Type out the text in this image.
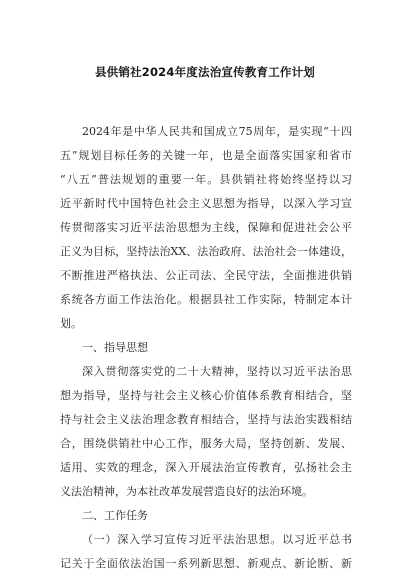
县供销社2024年度法治宣传教育工作计划
2024年是中华人民共和国成立75周年，是实现“十四
五”规划目标任务的关键一年，也是全面落实国家和省市
“八五”普法规划的重要一年。县供销社将始终坚持以习
近平新时代中国特色社会主义思想为指导，以深入学习宣
传贯彻落实习近平法治思想为主线，保障和促进社会公平
正义为目标，坚持法治XX、法治政府、法治社会一体建设，
不断推进严格执法、公正司法、全民守法，全面推进供销
系统各方面工作法治化。根据县社工作实际，特制定本计
划。
一、指导思想
深入贯彻落实党的二十大精神，坚持以习近平法治思
想为指导，坚持与社会主义核心价值体系教育相结合，坚
持与社会主义法治理念教育相结合，坚持与法治实践相结
合，围绕供销社中心工作，服务大局，坚持创新、发展、
适用、实效的理念，深入开展法治宣传教育，弘扬社会主
义法治精神，为本社改革发展营造良好的法治环境。
二、工作任务
（一）深入学习宣传习近平法治思想。以习近平总书
记关于全面依法治国一系列新思想、新观点、新论断、新
